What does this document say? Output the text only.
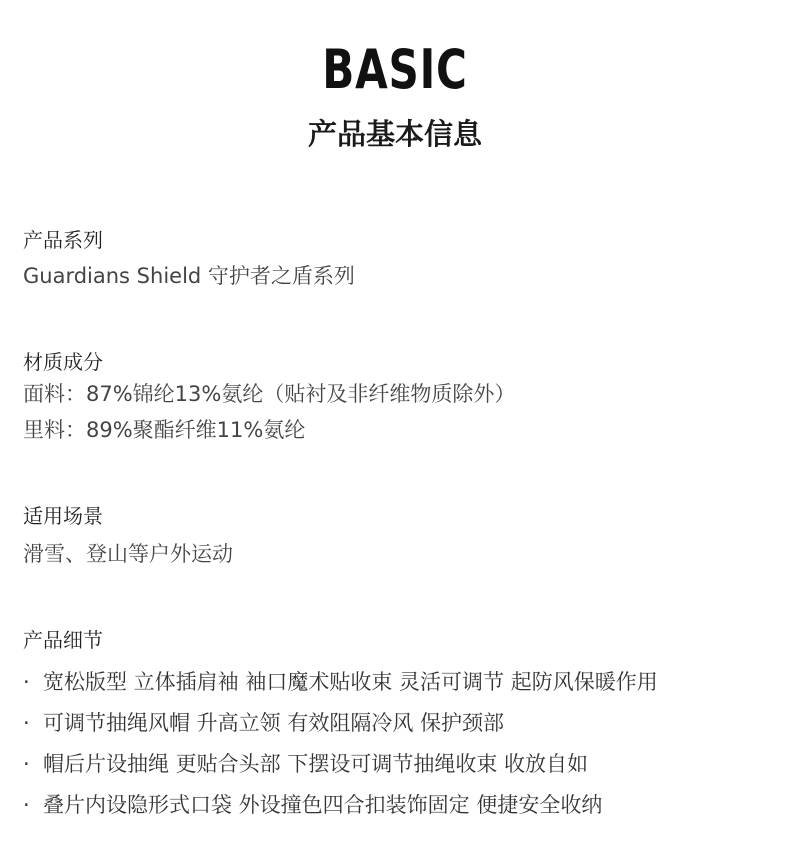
BASIC
产品基本信息

产品系列

Guardians Shield 守护者之盾系列

材质成分

面料：87%锦纶13%氨纶（贴衬及非纤维物质除外）

里料：89%聚酯纤维11%氨纶

适用场景

滑雪、登山等户外运动

产品细节

· 宽松版型 立体插肩袖 袖口魔术贴收束 灵活可调节 起防风保暖作用
· 可调节抽绳风帽 升高立领 有效阻隔冷风 保护颈部
· 帽后片设抽绳 更贴合头部 下摆设可调节抽绳收束 收放自如
· 叠片内设隐形式口袋 外设撞色四合扣装饰固定 便捷安全收纳
